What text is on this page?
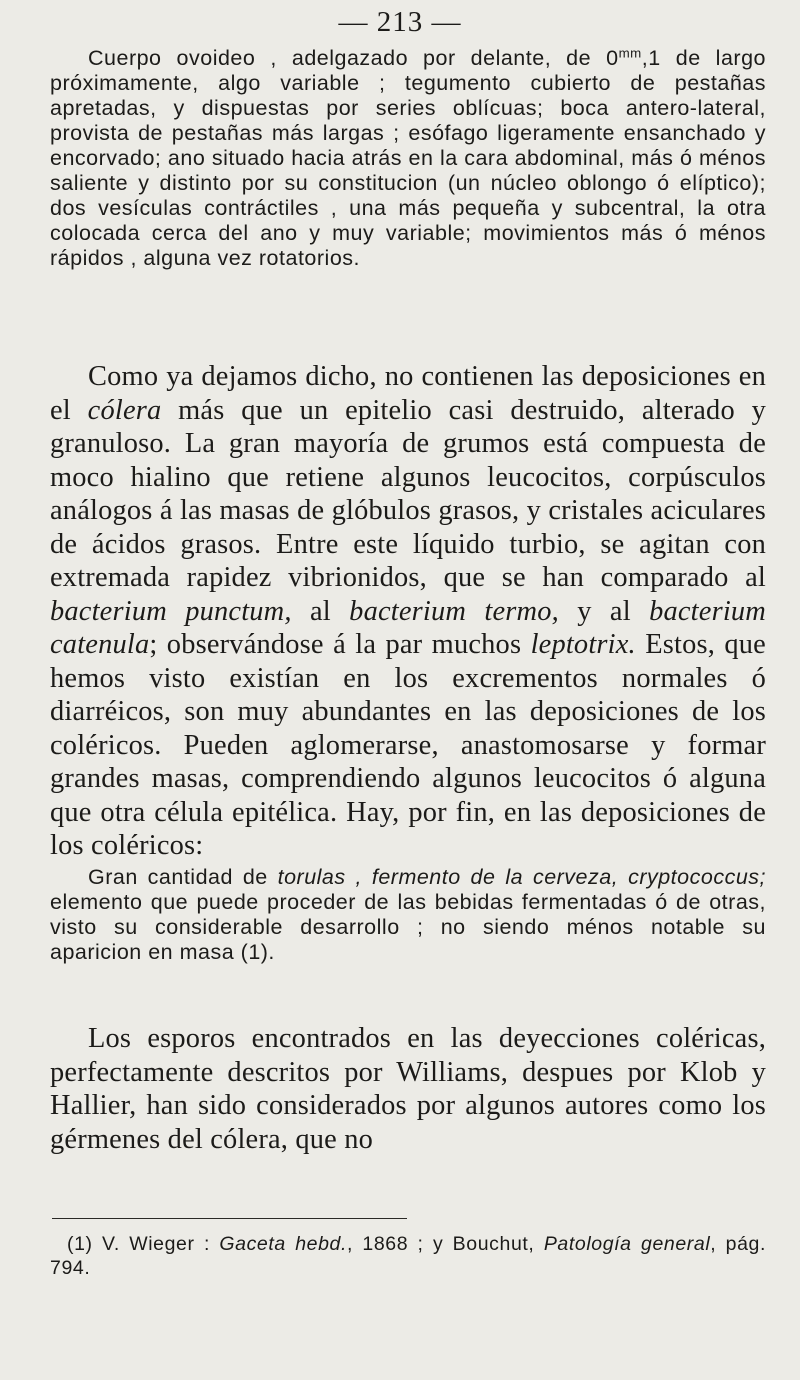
— 213 —

Cuerpo ovoideo , adelgazado por delante, de $0^{mm},1$ de largo próximamente, algo variable ; tegumento cubierto de pestañas apretadas, y dispuestas por series oblícuas; boca antero-lateral, provista de pestañas más largas ; esófago ligeramente ensanchado y encorvado; ano situado hacia atrás en la cara abdominal, más ó ménos saliente y distinto por su constitucion (un núcleo oblongo ó elíptico); dos vesículas contráctiles , una más pequeña y subcentral, la otra colocada cerca del ano y muy variable; movimientos más ó ménos rápidos , alguna vez rotatorios.

Como ya dejamos dicho, no contienen las deposiciones en el cólera más que un epitelio casi destruido, alterado y granuloso. La gran mayoría de grumos está compuesta de moco hialino que retiene algunos leucocitos, corpúsculos análogos á las masas de glóbulos grasos, y cristales aciculares de ácidos grasos. Entre este líquido turbio, se agitan con extremada rapidez vibrionidos, que se han comparado al bacterium punctum, al bacterium termo, y al bacterium catenula; observándose á la par muchos leptotrix. Estos, que hemos visto existían en los excrementos normales ó diarréicos, son muy abundantes en las deposiciones de los coléricos. Pueden aglomerarse, anastomosarse y formar grandes masas, comprendiendo algunos leucocitos ó alguna que otra célula epitélica. Hay, por fin, en las deposiciones de los coléricos:

Gran cantidad de torulas , fermento de la cerveza, cryptococcus; elemento que puede proceder de las bebidas fermentadas ó de otras, visto su considerable desarrollo ; no siendo ménos notable su aparicion en masa (1).

Los esporos encontrados en las deyecciones coléricas, perfectamente descritos por Williams, despues por Klob y Hallier, han sido considerados por algunos autores como los gérmenes del cólera, que no

(1) V. Wieger : Gaceta hebd., 1868 ; y Bouchut, Patología general, pág. 794.
